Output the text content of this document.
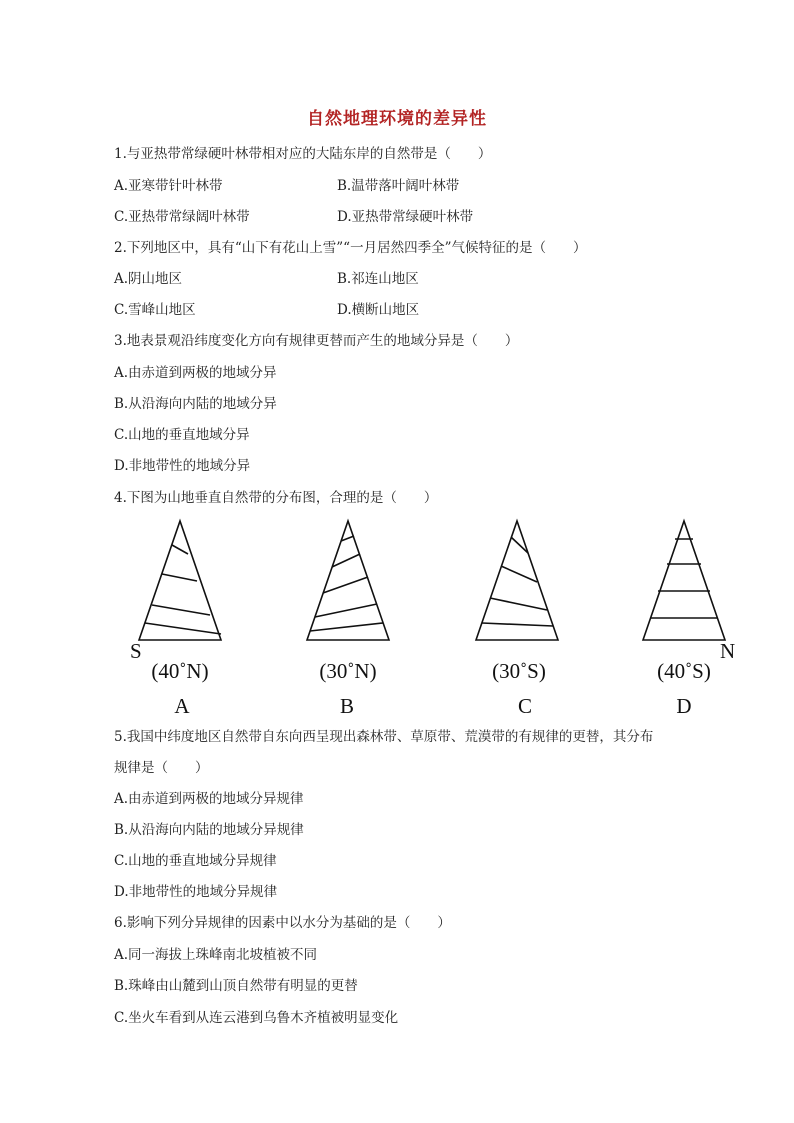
自然地理环境的差异性
1.与亚热带常绿硬叶林带相对应的大陆东岸的自然带是（　　）
A.亚寒带针叶林带	B.温带落叶阔叶林带
C.亚热带常绿阔叶林带	D.亚热带常绿硬叶林带
2.下列地区中，具有“山下有花山上雪”“一月居然四季全”气候特征的是（　　）
A.阴山地区	B.祁连山地区
C.雪峰山地区	D.横断山地区
3.地表景观沿纬度变化方向有规律更替而产生的地域分异是（　　）
A.由赤道到两极的地域分异
B.从沿海向内陆的地域分异
C.山地的垂直地域分异
D.非地带性的地域分异
4.下图为山地垂直自然带的分布图，合理的是（　　）
S	N
(40˚N)	(30˚N)	(30˚S)	(40˚S)
A	B	C	D
5.我国中纬度地区自然带自东向西呈现出森林带、草原带、荒漠带的有规律的更替，其分布
规律是（　　）
A.由赤道到两极的地域分异规律
B.从沿海向内陆的地域分异规律
C.山地的垂直地域分异规律
D.非地带性的地域分异规律
6.影响下列分异规律的因素中以水分为基础的是（　　）
A.同一海拔上珠峰南北坡植被不同
B.珠峰由山麓到山顶自然带有明显的更替
C.坐火车看到从连云港到乌鲁木齐植被明显变化
